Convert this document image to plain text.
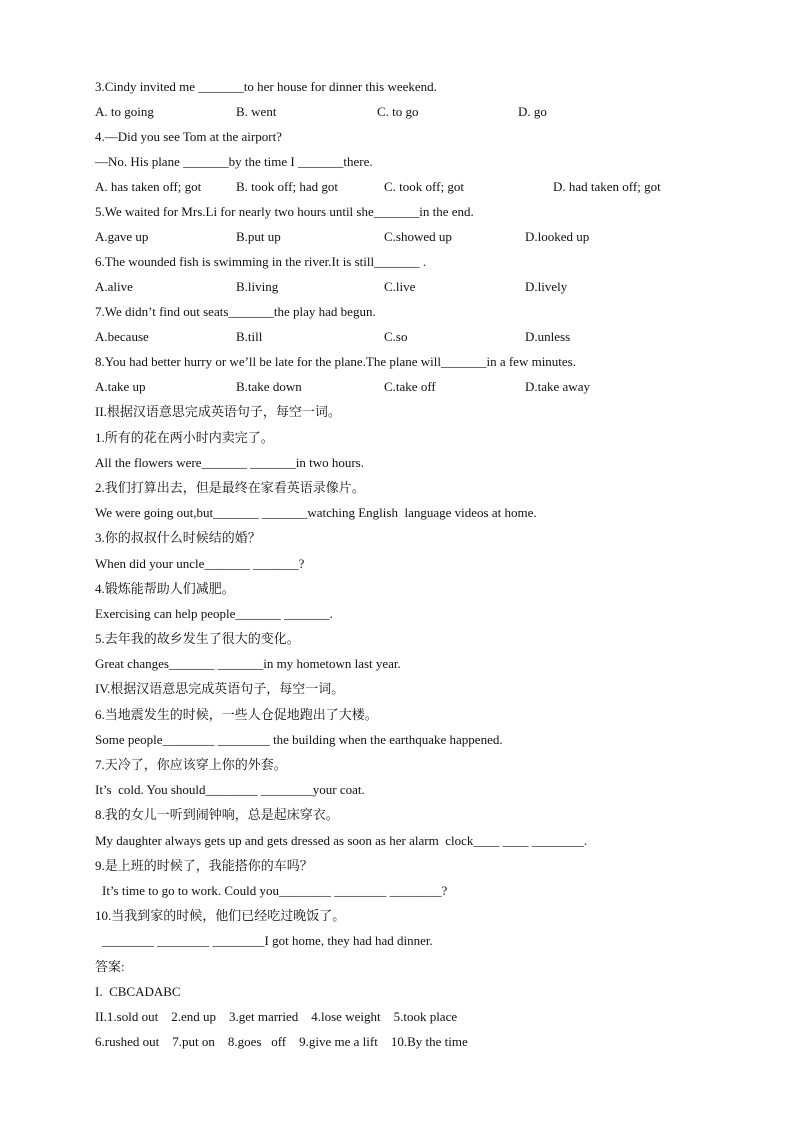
3.Cindy invited me _______to her house for dinner this weekend.
A. to going	B. went	C. to go	D. go
4.—Did you see Tom at the airport?
—No. His plane _______by the time I _______there.
A. has taken off; got	B. took off; had got	C. took off; got	D. had taken off; got
5.We waited for Mrs.Li for nearly two hours until she_______in the end.
A.gave up	B.put up	C.showed up	D.looked up
6.The wounded fish is swimming in the river.It is still_______ .
A.alive	B.living	C.live	D.lively
7.We didn’t find out seats_______the play had begun.
A.because	B.till	C.so	D.unless
8.You had better hurry or we’ll be late for the plane.The plane will_______in a few minutes.
A.take up	B.take down	C.take off	D.take away
II.根据汉语意思完成英语句子，每空一词。
1.所有的花在两小时内卖完了。
All the flowers were_______ _______in two hours.
2.我们打算出去，但是最终在家看英语录像片。
We were going out,but_______ _______watching English  language videos at home.
3.你的叔叔什么时候结的婚？
When did your uncle_______ _______?
4.锻炼能帮助人们减肥。
Exercising can help people_______ _______.
5.去年我的故乡发生了很大的变化。
Great changes_______ _______in my hometown last year.
IV.根据汉语意思完成英语句子，每空一词。
6.当地震发生的时候，一些人仓促地跑出了大楼。
Some people________ ________ the building when the earthquake happened.
7.天冷了，你应该穿上你的外套。
It’s  cold. You should________ ________your coat.
8.我的女儿一听到闹钟响，总是起床穿衣。
My daughter always gets up and gets dressed as soon as her alarm  clock____ ____ ________.
9.是上班的时候了，我能搭你的车吗？
It’s time to go to work. Could you________ ________ ________?
10.当我到家的时候，他们已经吃过晚饭了。
________ ________ ________I got home, they had had dinner.
答案:
I.  CBCADABC
II.1.sold out    2.end up    3.get married    4.lose weight    5.took place
6.rushed out    7.put on    8.goes   off    9.give me a lift    10.By the time
